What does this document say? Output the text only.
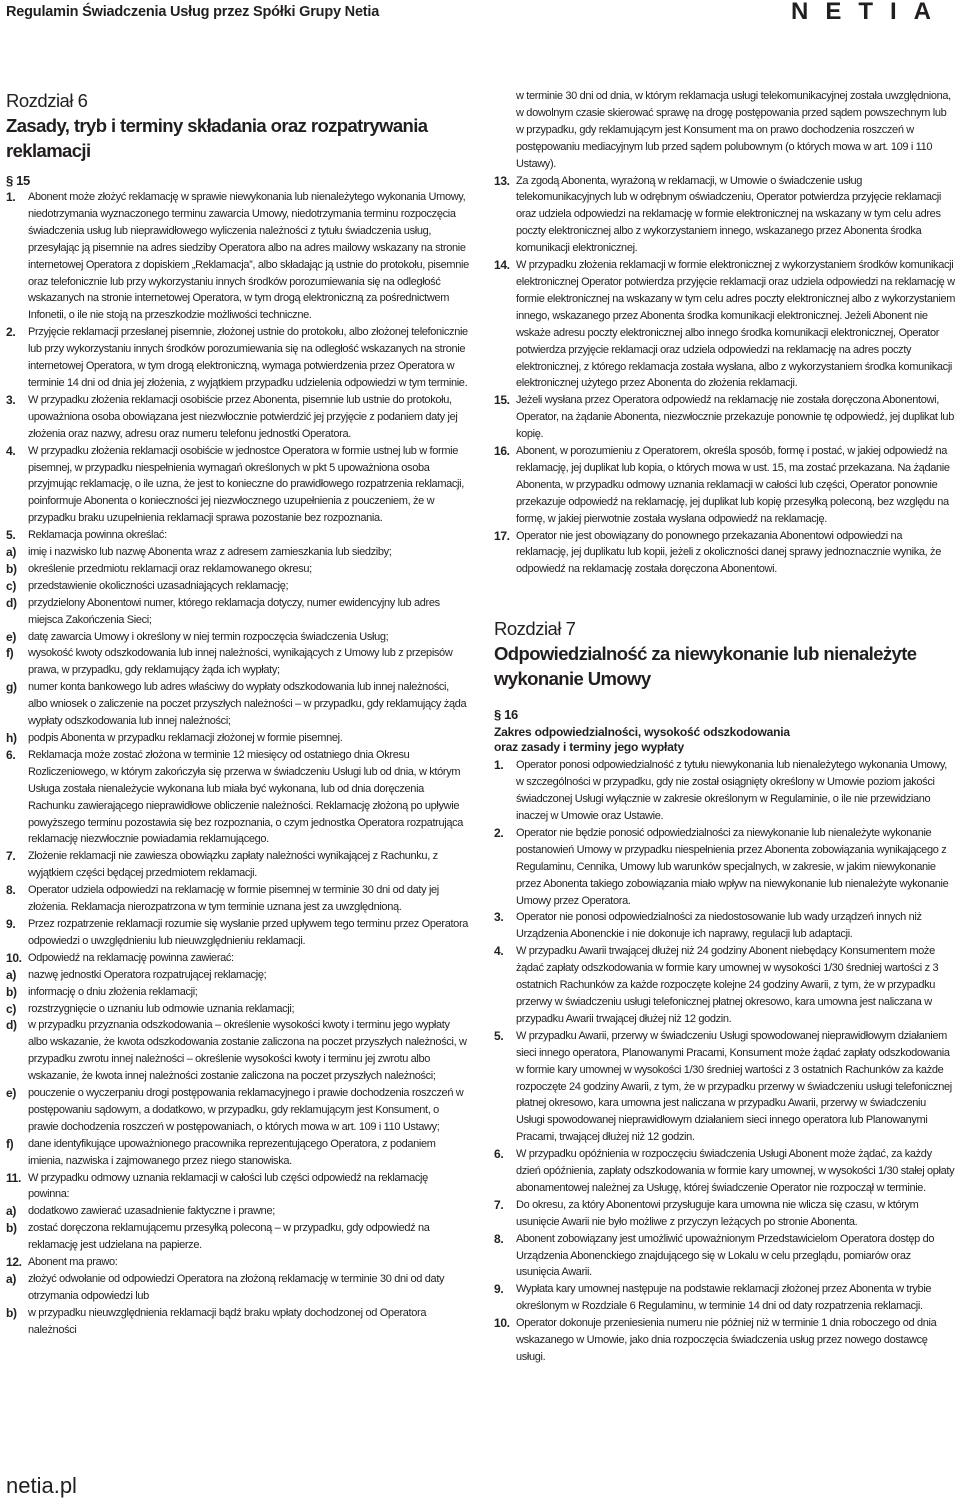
Regulamin Świadczenia Usług przez Spółki Grupy Netia	NETIA
Rozdział 6
Zasady, tryb i terminy składania oraz rozpatrywania reklamacji
§ 15
1.	Abonent może złożyć reklamację w sprawie niewykonania lub nienależytego wykonania Umowy, niedotrzymania wyznaczonego terminu zawarcia Umowy, niedotrzymania terminu rozpoczęcia świadczenia usług lub nieprawidłowego wyliczenia należności z tytułu świadczenia usług, przesyłając ją pisemnie na adres siedziby Operatora albo na adres mailowy wskazany na stronie internetowej Operatora z dopiskiem „Reklamacja”, albo składając ją ustnie do protokołu, pisemnie oraz telefonicznie lub przy wykorzystaniu innych środków porozumiewania się na odległość wskazanych na stronie internetowej Operatora, w tym drogą elektroniczną za pośrednictwem Infonetii, o ile nie stoją na przeszkodzie możliwości techniczne.
2.	Przyjęcie reklamacji przesłanej pisemnie, złożonej ustnie do protokołu, albo złożonej telefonicznie lub przy wykorzystaniu innych środków porozumiewania się na odległość wskazanych na stronie internetowej Operatora, w tym drogą elektroniczną, wymaga potwierdzenia przez Operatora w terminie 14 dni od dnia jej złożenia, z wyjątkiem przypadku udzielenia odpowiedzi w tym terminie.
3.	W przypadku złożenia reklamacji osobiście przez Abonenta, pisemnie lub ustnie do protokołu, upoważniona osoba obowiązana jest niezwłocznie potwierdzić jej przyjęcie z podaniem daty jej złożenia oraz nazwy, adresu oraz numeru telefonu jednostki Operatora.
4.	W przypadku złożenia reklamacji osobiście w jednostce Operatora w formie ustnej lub w formie pisemnej, w przypadku niespełnienia wymagań określonych w pkt 5 upoważniona osoba przyjmując reklamację, o ile uzna, że jest to konieczne do prawidłowego rozpatrzenia reklamacji, poinformuje Abonenta o konieczności jej niezwłocznego uzupełnienia z pouczeniem, że w przypadku braku uzupełnienia reklamacji sprawa pozostanie bez rozpoznania.
5.	Reklamacja powinna określać:
a)	imię i nazwisko lub nazwę Abonenta wraz z adresem zamieszkania lub siedziby;
b)	określenie przedmiotu reklamacji oraz reklamowanego okresu;
c)	przedstawienie okoliczności uzasadniających reklamację;
d)	przydzielony Abonentowi numer, którego reklamacja dotyczy, numer ewidencyjny lub adres miejsca Zakończenia Sieci;
e)	datę zawarcia Umowy i określony w niej termin rozpoczęcia świadczenia Usług;
f)	wysokość kwoty odszkodowania lub innej należności, wynikających z Umowy lub z przepisów prawa, w przypadku, gdy reklamujący żąda ich wypłaty;
g)	numer konta bankowego lub adres właściwy do wypłaty odszkodowania lub innej należności, albo wniosek o zaliczenie na poczet przyszłych należności – w przypadku, gdy reklamujący żąda wypłaty odszkodowania lub innej należności;
h)	podpis Abonenta w przypadku reklamacji złożonej w formie pisemnej.
6.	Reklamacja może zostać złożona w terminie 12 miesięcy od ostatniego dnia Okresu Rozliczeniowego, w którym zakończyła się przerwa w świadczeniu Usługi lub od dnia, w którym Usługa została nienależycie wykonana lub miała być wykonana, lub od dnia doręczenia Rachunku zawierającego nieprawidłowe obliczenie należności. Reklamację złożoną po upływie powyższego terminu pozostawia się bez rozpoznania, o czym jednostka Operatora rozpatrująca reklamację niezwłocznie powiadamia reklamującego.
7.	Złożenie reklamacji nie zawiesza obowiązku zapłaty należności wynikającej z Rachunku, z wyjątkiem części będącej przedmiotem reklamacji.
8.	Operator udziela odpowiedzi na reklamację w formie pisemnej w terminie 30 dni od daty jej złożenia. Reklamacja nierozpatrzona w tym terminie uznana jest za uwzględnioną.
9.	Przez rozpatrzenie reklamacji rozumie się wysłanie przed upływem tego terminu przez Operatora odpowiedzi o uwzględnieniu lub nieuwzględnieniu reklamacji.
10. Odpowiedź na reklamację powinna zawierać:
a)	nazwę jednostki Operatora rozpatrującej reklamację;
b)	informację o dniu złożenia reklamacji;
c)	rozstrzygnięcie o uznaniu lub odmowie uznania reklamacji;
d)	w przypadku przyznania odszkodowania – określenie wysokości kwoty i terminu jego wypłaty albo wskazanie, że kwota odszkodowania zostanie zaliczona na poczet przyszłych należności, w przypadku zwrotu innej należności – określenie wysokości kwoty i terminu jej zwrotu albo wskazanie, że kwota innej należności zostanie zaliczona na poczet przyszłych należności;
e)	pouczenie o wyczerpaniu drogi postępowania reklamacyjnego i prawie dochodzenia roszczeń w postępowaniu sądowym, a dodatkowo, w przypadku, gdy reklamującym jest Konsument, o prawie dochodzenia roszczeń w postępowaniach, o których mowa w art. 109 i 110 Ustawy;
f)	dane identyfikujące upoważnionego pracownika reprezentującego Operatora, z podaniem imienia, nazwiska i zajmowanego przez niego stanowiska.
11. W przypadku odmowy uznania reklamacji w całości lub części odpowiedź na reklamację powinna:
a)	dodatkowo zawierać uzasadnienie faktyczne i prawne;
b)	zostać doręczona reklamującemu przesyłką poleconą – w przypadku, gdy odpowiedź na reklamację jest udzielana na papierze.
12. Abonent ma prawo:
a)	złożyć odwołanie od odpowiedzi Operatora na złożoną reklamację w terminie 30 dni od daty otrzymania odpowiedzi lub
b)	w przypadku nieuwzględnienia reklamacji bądź braku wpłaty dochodzonej od Operatora należności

w terminie 30 dni od dnia, w którym reklamacja usługi telekomunikacyjnej została uwzględniona, w dowolnym czasie skierować sprawę na drogę postępowania przed sądem powszechnym lub w przypadku, gdy reklamującym jest Konsument ma on prawo dochodzenia roszczeń w postępowaniu mediacyjnym lub przed sądem polubownym (o których mowa w art. 109 i 110 Ustawy).

13. Za zgodą Abonenta, wyrażoną w reklamacji, w Umowie o świadczenie usług telekomunikacyjnych lub w odrębnym oświadczeniu, Operator potwierdza przyjęcie reklamacji oraz udziela odpowiedzi na reklamację w formie elektronicznej na wskazany w tym celu adres poczty elektronicznej albo z wykorzystaniem innego, wskazanego przez Abonenta środka komunikacji elektronicznej.
14. W przypadku złożenia reklamacji w formie elektronicznej z wykorzystaniem środków komunikacji elektronicznej Operator potwierdza przyjęcie reklamacji oraz udziela odpowiedzi na reklamację w formie elektronicznej na wskazany w tym celu adres poczty elektronicznej albo z wykorzystaniem innego, wskazanego przez Abonenta środka komunikacji elektronicznej. Jeżeli Abonent nie wskaże adresu poczty elektronicznej albo innego środka komunikacji elektronicznej, Operator potwierdza przyjęcie reklamacji oraz udziela odpowiedzi na reklamację na adres poczty elektronicznej, z którego reklamacja została wysłana, albo z wykorzystaniem środka komunikacji elektronicznej użytego przez Abonenta do złożenia reklamacji.
15. Jeżeli wysłana przez Operatora odpowiedź na reklamację nie została doręczona Abonentowi, Operator, na żądanie Abonenta, niezwłocznie przekazuje ponownie tę odpowiedź, jej duplikat lub kopię.
16. Abonent, w porozumieniu z Operatorem, określa sposób, formę i postać, w jakiej odpowiedź na reklamację, jej duplikat lub kopia, o których mowa w ust. 15, ma zostać przekazana. Na żądanie Abonenta, w przypadku odmowy uznania reklamacji w całości lub części, Operator ponownie przekazuje odpowiedź na reklamację, jej duplikat lub kopię przesyłką poleconą, bez względu na formę, w jakiej pierwotnie została wysłana odpowiedź na reklamację.
17. Operator nie jest obowiązany do ponownego przekazania Abonentowi odpowiedzi na reklamację, jej duplikatu lub kopii, jeżeli z okoliczności danej sprawy jednoznacznie wynika, że odpowiedź na reklamację została doręczona Abonentowi.
Rozdział 7
Odpowiedzialność za niewykonanie lub nienależyte wykonanie Umowy
§ 16
Zakres odpowiedzialności, wysokość odszkodowania
oraz zasady i terminy jego wypłaty
1.	Operator ponosi odpowiedzialność z tytułu niewykonania lub nienależytego wykonania Umowy, w szczególności w przypadku, gdy nie został osiągnięty określony w Umowie poziom jakości świadczonej Usługi wyłącznie w zakresie określonym w Regulaminie, o ile nie przewidziano inaczej w Umowie oraz Ustawie.
2.	Operator nie będzie ponosić odpowiedzialności za niewykonanie lub nienależyte wykonanie postanowień Umowy w przypadku niespełnienia przez Abonenta zobowiązania wynikającego z Regulaminu, Cennika, Umowy lub warunków specjalnych, w zakresie, w jakim niewykonanie przez Abonenta takiego zobowiązania miało wpływ na niewykonanie lub nienależyte wykonanie Umowy przez Operatora.
3.	Operator nie ponosi odpowiedzialności za niedostosowanie lub wady urządzeń innych niż Urządzenia Abonenckie i nie dokonuje ich naprawy, regulacji lub adaptacji.
4.	W przypadku Awarii trwającej dłużej niż 24 godziny Abonent niebędący Konsumentem może żądać zapłaty odszkodowania w formie kary umownej w wysokości 1/30 średniej wartości z 3 ostatnich Rachunków za każde rozpoczęte kolejne 24 godziny Awarii, z tym, że w przypadku przerwy w świadczeniu usługi telefonicznej płatnej okresowo, kara umowna jest naliczana w przypadku Awarii trwającej dłużej niż 12 godzin.
5.	W przypadku Awarii, przerwy w świadczeniu Usługi spowodowanej nieprawidłowym działaniem sieci innego operatora, Planowanymi Pracami, Konsument może żądać zapłaty odszkodowania w formie kary umownej w wysokości 1/30 średniej wartości z 3 ostatnich Rachunków za każde rozpoczęte 24 godziny Awarii, z tym, że w przypadku przerwy w świadczeniu usługi telefonicznej płatnej okresowo, kara umowna jest naliczana w przypadku Awarii, przerwy w świadczeniu Usługi spowodowanej nieprawidłowym działaniem sieci innego operatora lub Planowanymi Pracami, trwającej dłużej niż 12 godzin.
6.	W przypadku opóźnienia w rozpoczęciu świadczenia Usługi Abonent może żądać, za każdy dzień opóźnienia, zapłaty odszkodowania w formie kary umownej, w wysokości 1/30 stałej opłaty abonamentowej należnej za Usługę, której świadczenie Operator nie rozpoczął w terminie.
7.	Do okresu, za który Abonentowi przysługuje kara umowna nie wlicza się czasu, w którym usunięcie Awarii nie było możliwe z przyczyn leżących po stronie Abonenta.
8.	Abonent zobowiązany jest umożliwić upoważnionym Przedstawicielom Operatora dostęp do Urządzenia Abonenckiego znajdującego się w Lokalu w celu przeglądu, pomiarów oraz usunięcia Awarii.
9.	Wypłata kary umownej następuje na podstawie reklamacji złożonej przez Abonenta w trybie określonym w Rozdziale 6 Regulaminu, w terminie 14 dni od daty rozpatrzenia reklamacji.
10. Operator dokonuje przeniesienia numeru nie później niż w terminie 1 dnia roboczego od dnia wskazanego w Umowie, jako dnia rozpoczęcia świadczenia usług przez nowego dostawcę usługi.
netia.pl
